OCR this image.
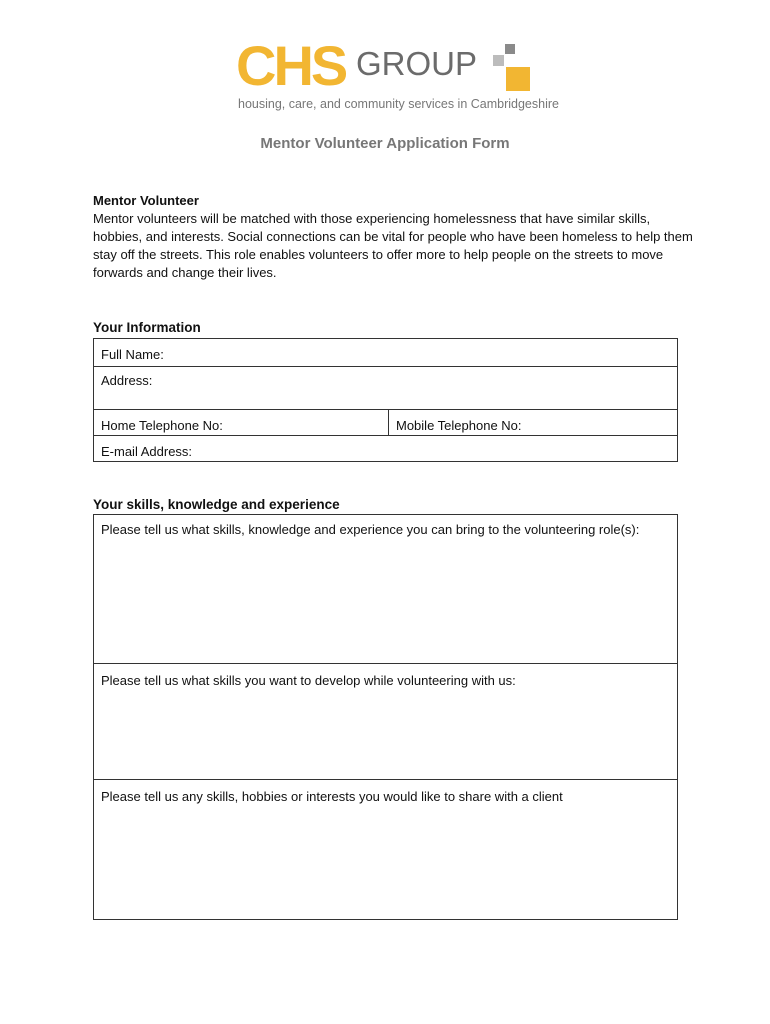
CHS GROUP
housing, care, and community services in Cambridgeshire
Mentor Volunteer Application Form
Mentor Volunteer

Mentor volunteers will be matched with those experiencing homelessness that have similar skills, hobbies, and interests. Social connections can be vital for people who have been homeless to help them stay off the streets. This role enables volunteers to offer more to help people on the streets to move forwards and change their lives.

Your Information
Full Name:
Address:
Home Telephone No:	Mobile Telephone No:
E-mail Address:
Your skills, knowledge and experience
Please tell us what skills, knowledge and experience you can bring to the volunteering role(s):
Please tell us what skills you want to develop while volunteering with us:
Please tell us any skills, hobbies or interests you would like to share with a client
